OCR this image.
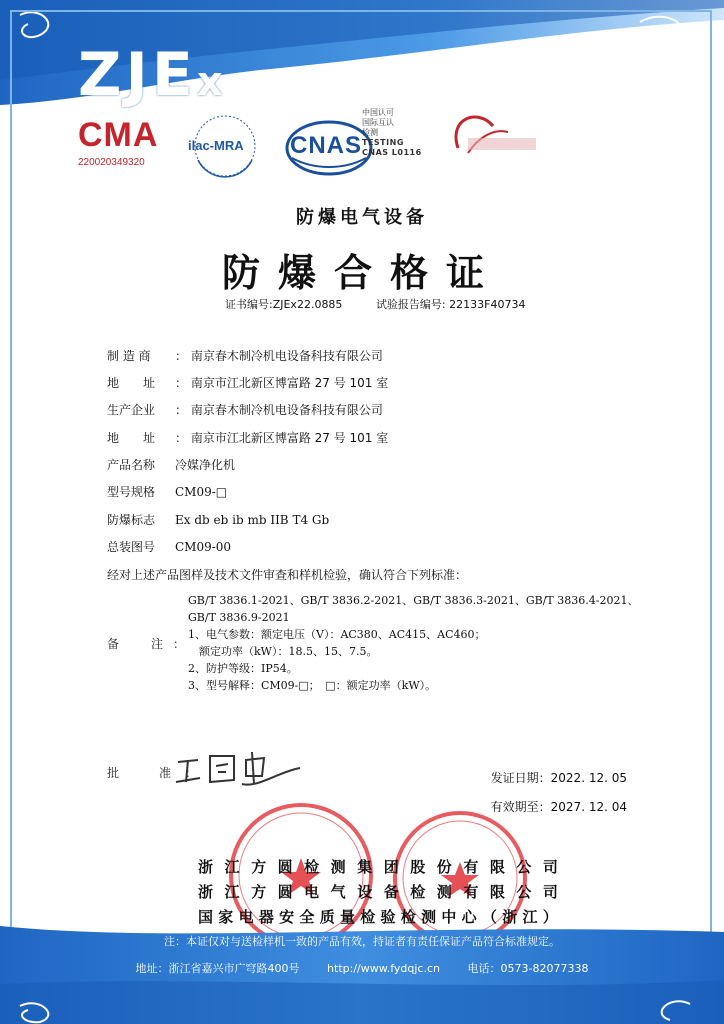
ZJEx
CMA
220020349320
ilac-MRA CNAS
中国认可
国际互认
检测
TESTING
CNAS L0116
防爆电气设备
防爆合格证
证书编号:ZJEx22.0885	试验报告编号: 22133F40734
制 造 商 ： 南京春木制冷机电设备科技有限公司
地　　址 ： 南京市江北新区博富路 27 号 101 室
生产企业 ： 南京春木制冷机电设备科技有限公司
地　　址 ： 南京市江北新区博富路 27 号 101 室
产品名称 冷媒净化机
型号规格 CM09-□
防爆标志 Ex db eb ib mb IIB T4 Gb
总装图号 CM09-00
经对上述产品图样及技术文件审查和样机检验，确认符合下列标准：
备　注：
GB/T 3836.1-2021、GB/T 3836.2-2021、GB/T 3836.3-2021、GB/T 3836.4-2021、
GB/T 3836.9-2021
1、电气参数：额定电压（V）：AC380、AC415、AC460；
　额定功率（kW）：18.5、15、7.5。
2、防护等级：IP54。
3、型号解释：CM09-□；　□：额定功率（kW）。
批　准：	发证日期：2022. 12. 05
有效期至：2027. 12. 04
浙 江 方 圆 检 测 集 团 股 份 有 限 公 司
浙 江 方 圆 电 气 设 备 检 测 有 限 公 司
国 家 电 器 安 全 质 量 检 验 检 测 中 心 （ 浙 江 ）
注：本证仅对与送检样机一致的产品有效，持证者有责任保证产品符合标准规定。
地址：浙江省嘉兴市广穹路400号	http://www.fydqjc.cn	电话：0573-82077338
